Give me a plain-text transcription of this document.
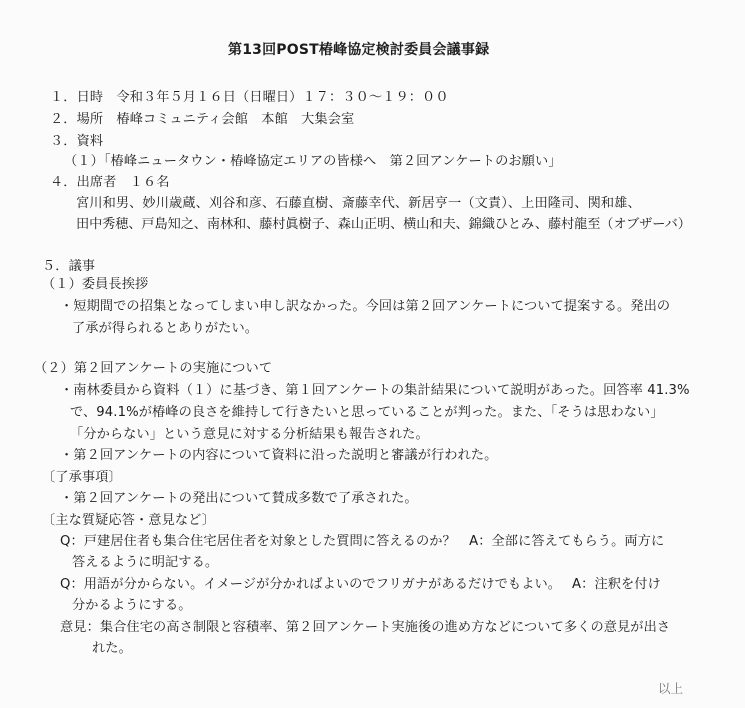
第13回POST椿峰協定検討委員会議事録
１．日時　令和３年５月１６日（日曜日）１７：３０～１９：００
２．場所　椿峰コミュニティ会館　本館　大集会室
３．資料
（１）「椿峰ニュータウン・椿峰協定エリアの皆様へ　第２回アンケートのお願い」
４．出席者　１６名
宮川和男、妙川歳蔵、刈谷和彦、石藤直樹、斎藤幸代、新居亨一（文責）、上田隆司、関和雄、
田中秀穂、戸島知之、南林和、藤村眞樹子、森山正明、横山和夫、錦織ひとみ、藤村龍至（オブザーバ）
５．議事
（１）委員長挨拶
・短期間での招集となってしまい申し訳なかった。今回は第２回アンケートについて提案する。発出の
了承が得られるとありがたい。
（２）第２回アンケートの実施について
・南林委員から資料（１）に基づき、第１回アンケートの集計結果について説明があった。回答率 41.3%
で、94.1%が椿峰の良さを維持して行きたいと思っていることが判った。また、「そうは思わない」
「分からない」という意見に対する分析結果も報告された。
・第２回アンケートの内容について資料に沿った説明と審議が行われた。
〔了承事項〕
・第２回アンケートの発出について賛成多数で了承された。
〔主な質疑応答・意見など〕
Q：戸建居住者も集合住宅居住者を対象とした質問に答えるのか？　A：全部に答えてもらう。両方に
答えるように明記する。
Q：用語が分からない。イメージが分かればよいのでフリガナがあるだけでもよい。　 A：注釈を付け
分かるようにする。
意見：集合住宅の高さ制限と容積率、第２回アンケート実施後の進め方などについて多くの意見が出さ
れた。
以上
